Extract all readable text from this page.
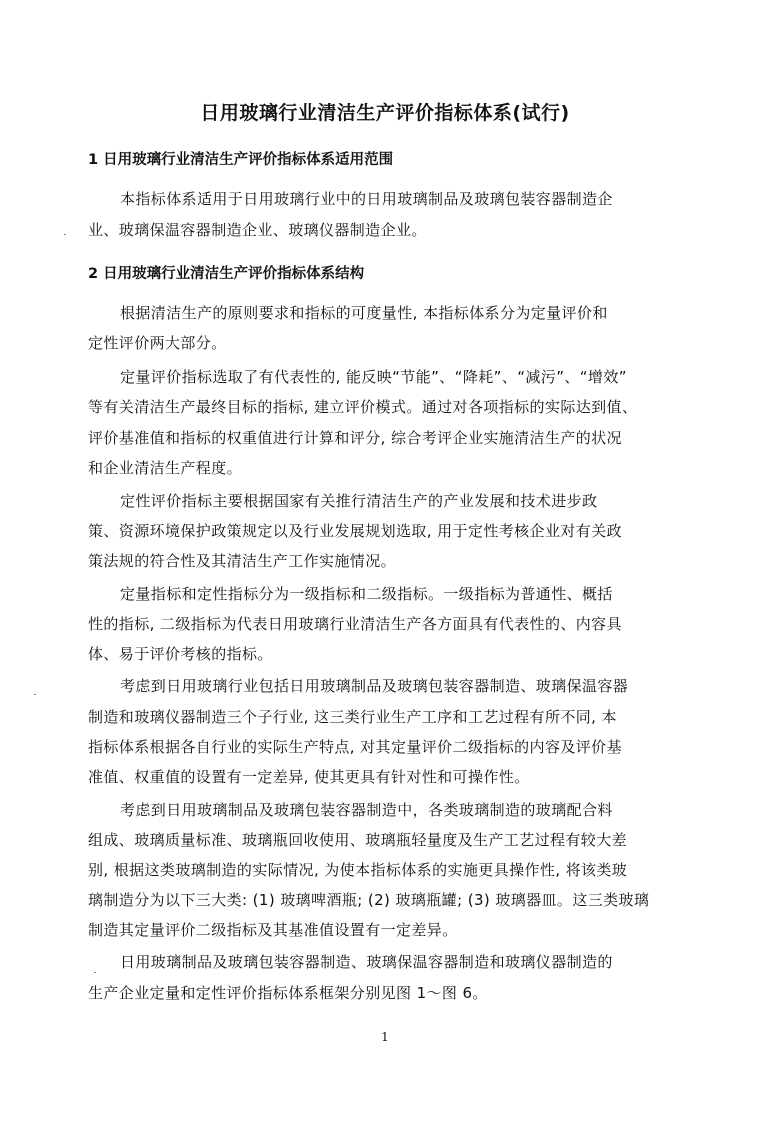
日用玻璃行业清洁生产评价指标体系(试行)
1 日用玻璃行业清洁生产评价指标体系适用范围
本指标体系适用于日用玻璃行业中的日用玻璃制品及玻璃包装容器制造企
业、玻璃保温容器制造企业、玻璃仪器制造企业。
2 日用玻璃行业清洁生产评价指标体系结构
根据清洁生产的原则要求和指标的可度量性, 本指标体系分为定量评价和
定性评价两大部分。
定量评价指标选取了有代表性的, 能反映“节能”、“降耗”、“减污”、“增效”
等有关清洁生产最终目标的指标, 建立评价模式。通过对各项指标的实际达到值、
评价基准值和指标的权重值进行计算和评分, 综合考评企业实施清洁生产的状况
和企业清洁生产程度。
定性评价指标主要根据国家有关推行清洁生产的产业发展和技术进步政
策、资源环境保护政策规定以及行业发展规划选取, 用于定性考核企业对有关政
策法规的符合性及其清洁生产工作实施情况。
定量指标和定性指标分为一级指标和二级指标。一级指标为普通性、概括
性的指标, 二级指标为代表日用玻璃行业清洁生产各方面具有代表性的、内容具
体、易于评价考核的指标。
考虑到日用玻璃行业包括日用玻璃制品及玻璃包装容器制造、玻璃保温容器
制造和玻璃仪器制造三个子行业, 这三类行业生产工序和工艺过程有所不同, 本
指标体系根据各自行业的实际生产特点, 对其定量评价二级指标的内容及评价基
准值、权重值的设置有一定差异, 使其更具有针对性和可操作性。
考虑到日用玻璃制品及玻璃包装容器制造中，各类玻璃制造的玻璃配合料
组成、玻璃质量标准、玻璃瓶回收使用、玻璃瓶轻量度及生产工艺过程有较大差
别, 根据这类玻璃制造的实际情况, 为使本指标体系的实施更具操作性, 将该类玻
璃制造分为以下三大类: (1) 玻璃啤酒瓶; (2) 玻璃瓶罐; (3) 玻璃器皿。这三类玻璃
制造其定量评价二级指标及其基准值设置有一定差异。
日用玻璃制品及玻璃包装容器制造、玻璃保温容器制造和玻璃仪器制造的
生产企业定量和定性评价指标体系框架分别见图 1～图 6。
1
